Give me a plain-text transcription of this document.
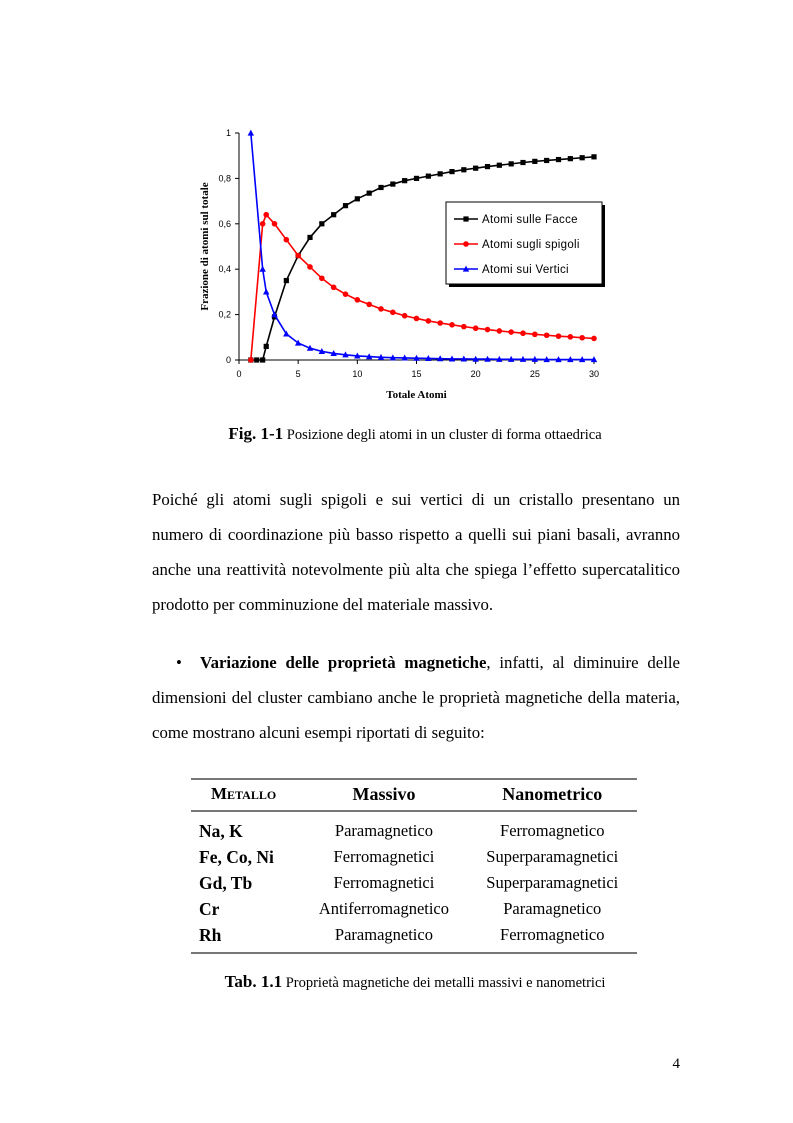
0
0,2
0,4
0,6
0,8
1
0	5	10	15	20	25	30
Totale Atomi
Frazione di atomi sul totale	Atomi sulle Facce
Atomi sugli spigoli
Atomi sui Vertici
Fig. 1-1 Posizione degli atomi in un cluster di forma ottaedrica

Poiché gli atomi sugli spigoli e sui vertici di un cristallo presentano un numero di coordinazione più basso rispetto a quelli sui piani basali, avranno anche una reattività notevolmente più alta che spiega l’effetto supercatalitico prodotto per comminuzione del materiale massivo.

• Variazione delle proprietà magnetiche, infatti, al diminuire delle dimensioni del cluster cambiano anche le proprietà magnetiche della materia, come mostrano alcuni esempi riportati di seguito:

Metallo	Massivo	Nanometrico
Na, K	Paramagnetico	Ferromagnetico
Fe, Co, Ni	Ferromagnetici	Superparamagnetici
Gd, Tb	Ferromagnetici	Superparamagnetici
Cr	Antiferromagnetico	Paramagnetico
Rh	Paramagnetico	Ferromagnetico
Tab. 1.1 Proprietà magnetiche dei metalli massivi e nanometrici
4
